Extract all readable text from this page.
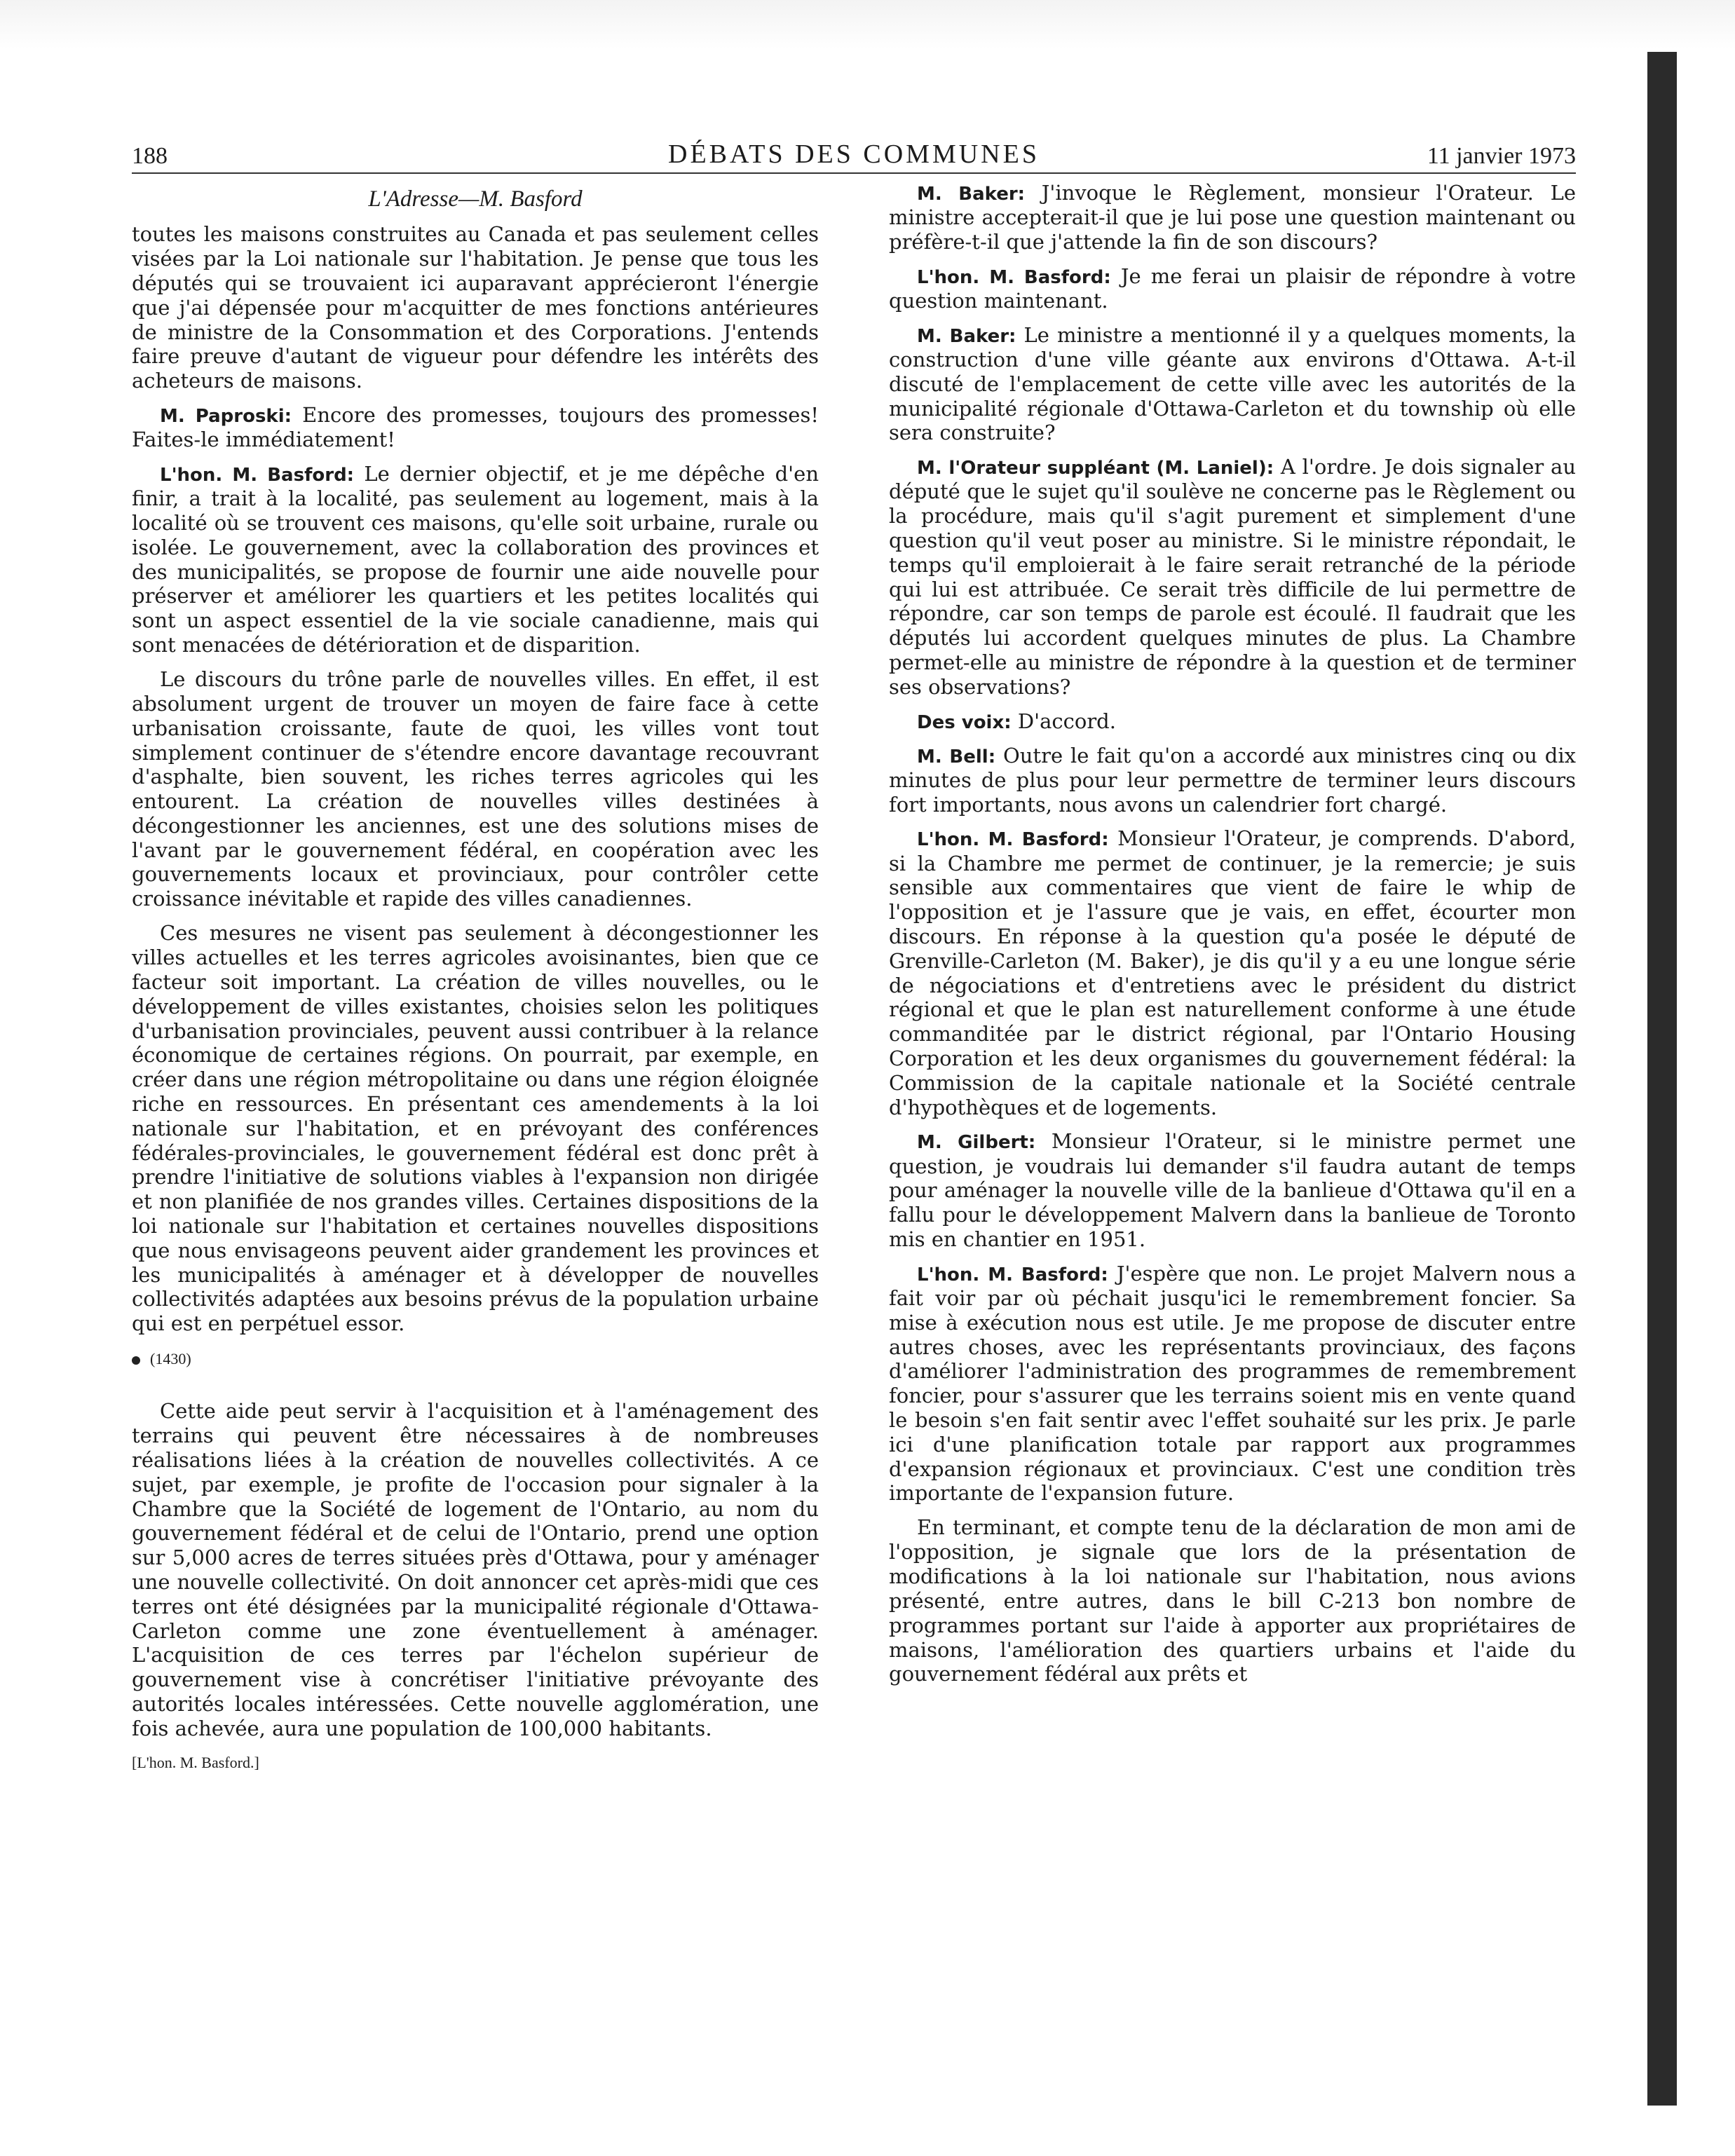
188	DÉBATS DES COMMUNES	11 janvier 1973
L'Adresse—M. Basford

toutes les maisons construites au Canada et pas seulement celles visées par la Loi nationale sur l'habitation. Je pense que tous les députés qui se trouvaient ici auparavant apprécieront l'énergie que j'ai dépensée pour m'acquitter de mes fonctions antérieures de ministre de la Consommation et des Corporations. J'entends faire preuve d'autant de vigueur pour défendre les intérêts des acheteurs de maisons.

M. Paproski: Encore des promesses, toujours des promesses! Faites-le immédiatement!

L'hon. M. Basford: Le dernier objectif, et je me dépêche d'en finir, a trait à la localité, pas seulement au logement, mais à la localité où se trouvent ces maisons, qu'elle soit urbaine, rurale ou isolée. Le gouvernement, avec la collaboration des provinces et des municipalités, se propose de fournir une aide nouvelle pour préserver et améliorer les quartiers et les petites localités qui sont un aspect essentiel de la vie sociale canadienne, mais qui sont menacées de détérioration et de disparition.

Le discours du trône parle de nouvelles villes. En effet, il est absolument urgent de trouver un moyen de faire face à cette urbanisation croissante, faute de quoi, les villes vont tout simplement continuer de s'étendre encore davantage recouvrant d'asphalte, bien souvent, les riches terres agricoles qui les entourent. La création de nouvelles villes destinées à décongestionner les anciennes, est une des solutions mises de l'avant par le gouvernement fédéral, en coopération avec les gouvernements locaux et provinciaux, pour contrôler cette croissance inévitable et rapide des villes canadiennes.

Ces mesures ne visent pas seulement à décongestionner les villes actuelles et les terres agricoles avoisinantes, bien que ce facteur soit important. La création de villes nouvelles, ou le développement de villes existantes, choisies selon les politiques d'urbanisation provinciales, peuvent aussi contribuer à la relance économique de certaines régions. On pourrait, par exemple, en créer dans une région métropolitaine ou dans une région éloignée riche en ressources. En présentant ces amendements à la loi nationale sur l'habitation, et en prévoyant des conférences fédérales-provinciales, le gouvernement fédéral est donc prêt à prendre l'initiative de solutions viables à l'expansion non dirigée et non planifiée de nos grandes villes. Certaines dispositions de la loi nationale sur l'habitation et certaines nouvelles dispositions que nous envisageons peuvent aider grandement les provinces et les municipalités à aménager et à développer de nouvelles collectivités adaptées aux besoins prévus de la population urbaine qui est en perpétuel essor.

(1430)

Cette aide peut servir à l'acquisition et à l'aménagement des terrains qui peuvent être nécessaires à de nombreuses réalisations liées à la création de nouvelles collectivités. A ce sujet, par exemple, je profite de l'occasion pour signaler à la Chambre que la Société de logement de l'Ontario, au nom du gouvernement fédéral et de celui de l'Ontario, prend une option sur 5,000 acres de terres situées près d'Ottawa, pour y aménager une nouvelle collectivité. On doit annoncer cet après-midi que ces terres ont été désignées par la municipalité régionale d'Ottawa-Carleton comme une zone éventuellement à aménager. L'acquisition de ces terres par l'échelon supérieur de gouvernement vise à concrétiser l'initiative prévoyante des autorités locales intéressées. Cette nouvelle agglomération, une fois achevée, aura une population de 100,000 habitants.

[L'hon. M. Basford.]

M. Baker: J'invoque le Règlement, monsieur l'Orateur. Le ministre accepterait-il que je lui pose une question maintenant ou préfère-t-il que j'attende la fin de son discours?

L'hon. M. Basford: Je me ferai un plaisir de répondre à votre question maintenant.

M. Baker: Le ministre a mentionné il y a quelques moments, la construction d'une ville géante aux environs d'Ottawa. A-t-il discuté de l'emplacement de cette ville avec les autorités de la municipalité régionale d'Ottawa-Carleton et du township où elle sera construite?

M. l'Orateur suppléant (M. Laniel): A l'ordre. Je dois signaler au député que le sujet qu'il soulève ne concerne pas le Règlement ou la procédure, mais qu'il s'agit purement et simplement d'une question qu'il veut poser au ministre. Si le ministre répondait, le temps qu'il emploierait à le faire serait retranché de la période qui lui est attribuée. Ce serait très difficile de lui permettre de répondre, car son temps de parole est écoulé. Il faudrait que les députés lui accordent quelques minutes de plus. La Chambre permet-elle au ministre de répondre à la question et de terminer ses observations?

Des voix: D'accord.

M. Bell: Outre le fait qu'on a accordé aux ministres cinq ou dix minutes de plus pour leur permettre de terminer leurs discours fort importants, nous avons un calendrier fort chargé.

L'hon. M. Basford: Monsieur l'Orateur, je comprends. D'abord, si la Chambre me permet de continuer, je la remercie; je suis sensible aux commentaires que vient de faire le whip de l'opposition et je l'assure que je vais, en effet, écourter mon discours. En réponse à la question qu'a posée le député de Grenville-Carleton (M. Baker), je dis qu'il y a eu une longue série de négociations et d'entretiens avec le président du district régional et que le plan est naturellement conforme à une étude commanditée par le district régional, par l'Ontario Housing Corporation et les deux organismes du gouvernement fédéral: la Commission de la capitale nationale et la Société centrale d'hypothèques et de logements.

M. Gilbert: Monsieur l'Orateur, si le ministre permet une question, je voudrais lui demander s'il faudra autant de temps pour aménager la nouvelle ville de la banlieue d'Ottawa qu'il en a fallu pour le développement Malvern dans la banlieue de Toronto mis en chantier en 1951.

L'hon. M. Basford: J'espère que non. Le projet Malvern nous a fait voir par où péchait jusqu'ici le remembrement foncier. Sa mise à exécution nous est utile. Je me propose de discuter entre autres choses, avec les représentants provinciaux, des façons d'améliorer l'administration des programmes de remembrement foncier, pour s'assurer que les terrains soient mis en vente quand le besoin s'en fait sentir avec l'effet souhaité sur les prix. Je parle ici d'une planification totale par rapport aux programmes d'expansion régionaux et provinciaux. C'est une condition très importante de l'expansion future.

En terminant, et compte tenu de la déclaration de mon ami de l'opposition, je signale que lors de la présentation de modifications à la loi nationale sur l'habitation, nous avions présenté, entre autres, dans le bill C-213 bon nombre de programmes portant sur l'aide à apporter aux propriétaires de maisons, l'amélioration des quartiers urbains et l'aide du gouvernement fédéral aux prêts et
